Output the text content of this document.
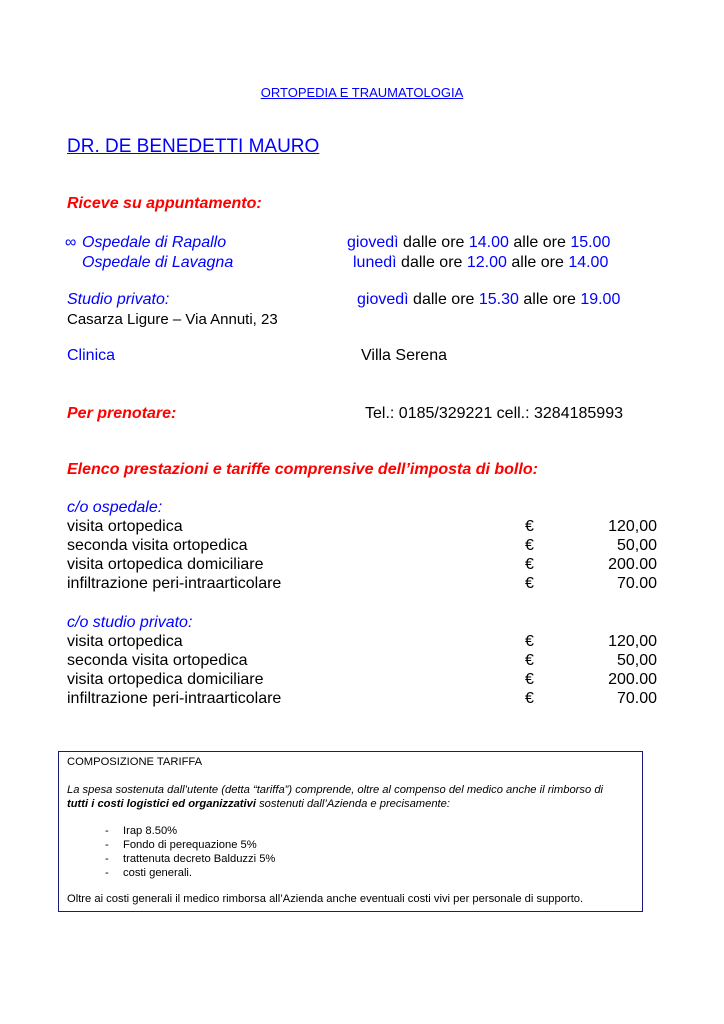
ORTOPEDIA E TRAUMATOLOGIA
DR. DE BENEDETTI MAURO
Riceve su appuntamento:
∞ Ospedale di Rapallo	giovedì dalle ore 14.00 alle ore 15.00
Ospedale di Lavagna	lunedì dalle ore 12.00 alle ore 14.00
Studio privato:	giovedì dalle ore 15.30 alle ore 19.00
Casarza Ligure – Via Annuti, 23
Clinica	Villa Serena
Per prenotare:	Tel.: 0185/329221 cell.: 3284185993
Elenco prestazioni e tariffe comprensive dell’imposta di bollo:
c/o ospedale:
visita ortopedica	€	120,00
seconda visita ortopedica	€	50,00
visita ortopedica domiciliare	€	200.00
infiltrazione peri-intraarticolare	€	70.00
c/o studio privato:
visita ortopedica	€	120,00
seconda visita ortopedica	€	50,00
visita ortopedica domiciliare	€	200.00
infiltrazione peri-intraarticolare	€	70.00
COMPOSIZIONE TARIFFA
La spesa sostenuta dall’utente (detta “tariffa”) comprende, oltre al compenso del medico anche il rimborso di
tutti i costi logistici ed organizzativi sostenuti dall’Azienda e precisamente:
- Irap 8.50%
- Fondo di perequazione 5%
- trattenuta decreto Balduzzi 5%
- costi generali.
Oltre ai costi generali il medico rimborsa all’Azienda anche eventuali costi vivi per personale di supporto.
